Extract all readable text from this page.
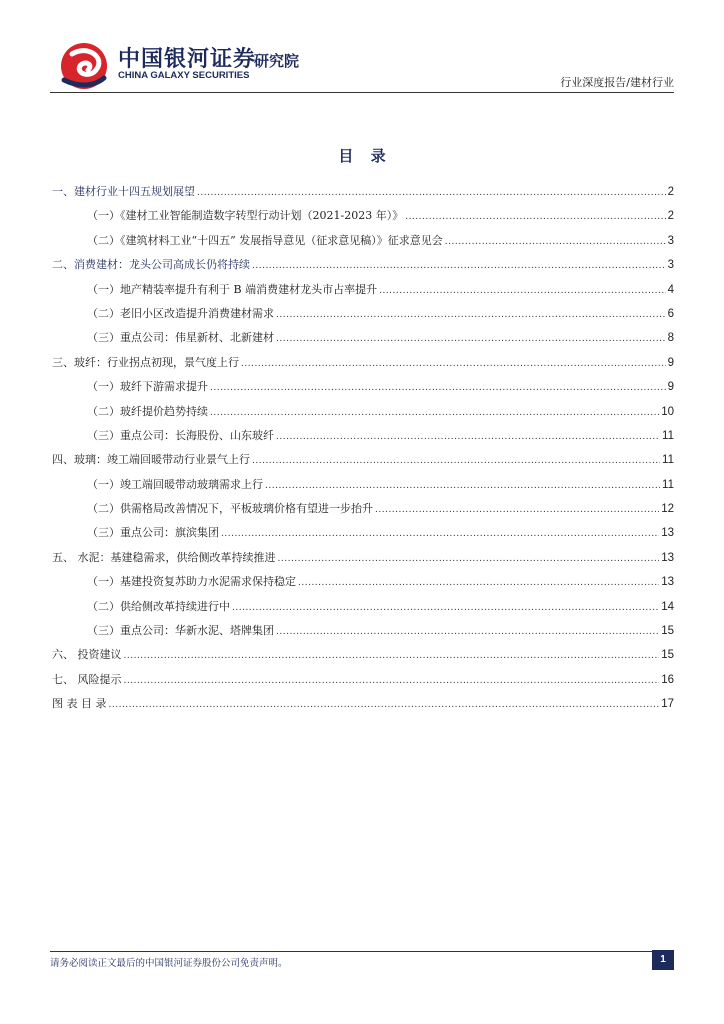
中国银河证券
CHINA GALAXY SECURITIES
研究院
行业深度报告/建材行业
目 录
一、建材行业十四五规划展望 .....	2
（一）《建材工业智能制造数字转型行动计划（2021-2023 年）》 .....	2
（二）《建筑材料工业“十四五” 发展指导意见（征求意见稿）》征求意见会 .....	3
二、消费建材：龙头公司高成长仍将持续 .....	3
（一）地产精装率提升有利于 B 端消费建材龙头市占率提升 .....	4
（二）老旧小区改造提升消费建材需求 .....	6
（三）重点公司：伟星新材、北新建材 .....	8
三、玻纤：行业拐点初现，景气度上行 .....	9
（一）玻纤下游需求提升 .....	9
（二）玻纤提价趋势持续 .....	10
（三）重点公司：长海股份、山东玻纤 .....	11
四、玻璃：竣工端回暖带动行业景气上行 .....	11
（一）竣工端回暖带动玻璃需求上行 .....	11
（二）供需格局改善情况下，平板玻璃价格有望进一步抬升 .....	12
（三）重点公司：旗滨集团 .....	13
五、 水泥：基建稳需求，供给侧改革持续推进 .....	13
（一）基建投资复苏助力水泥需求保持稳定 .....	13
（二）供给侧改革持续进行中 .....	14
（三）重点公司：华新水泥、塔牌集团 .....	15
六、 投资建议 .....	15
七、 风险提示 .....	16
图 表 目 录 .....	17
请务必阅读正文最后的中国银河证券股份公司免责声明。	1
